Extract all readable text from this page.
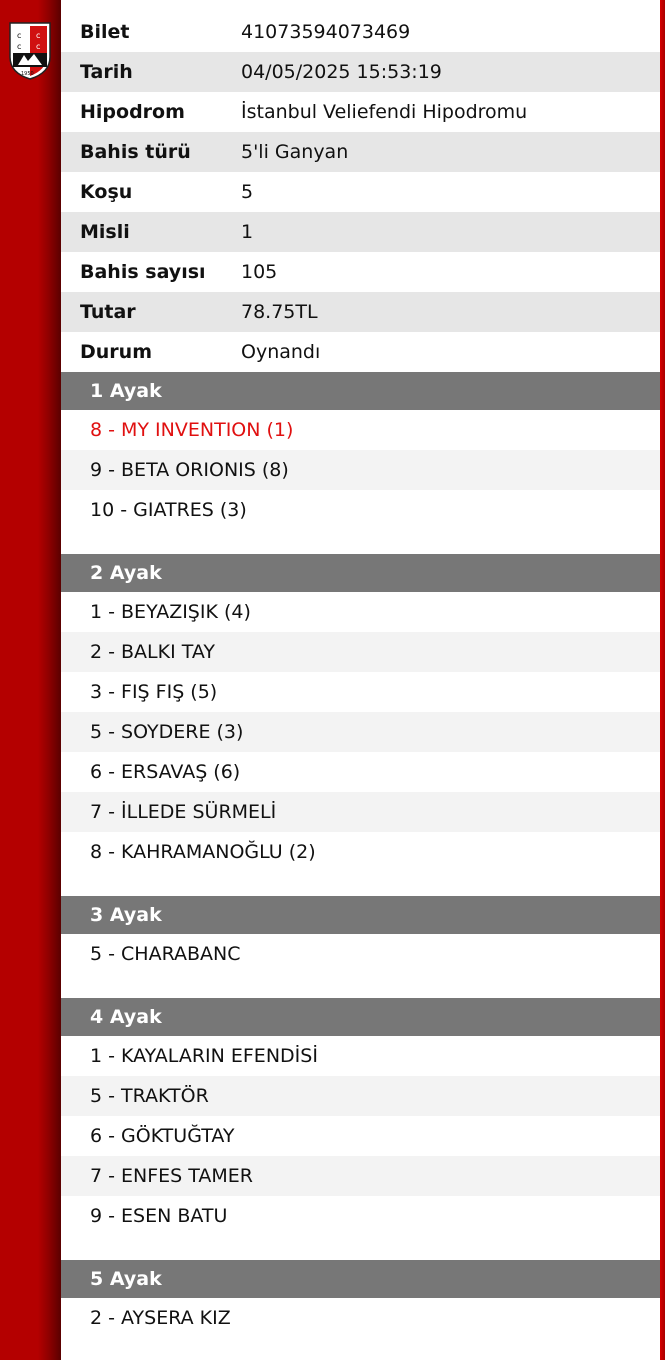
c
c
c
c
1950
Bilet	41073594073469
Tarih	04/05/2025 15:53:19
Hipodrom	İstanbul Veliefendi Hipodromu
Bahis türü	5'li Ganyan
Koşu	5
Misli	1
Bahis sayısı	105
Tutar	78.75TL
Durum	Oynandı
1 Ayak
8 - MY INVENTION (1)
9 - BETA ORIONIS (8)
10 - GIATRES (3)
2 Ayak
1 - BEYAZIŞIK (4)
2 - BALKI TAY
3 - FIŞ FIŞ (5)
5 - SOYDERE (3)
6 - ERSAVAŞ (6)
7 - İLLEDE SÜRMELİ
8 - KAHRAMANOĞLU (2)
3 Ayak
5 - CHARABANC
4 Ayak
1 - KAYALARIN EFENDİSİ
5 - TRAKTÖR
6 - GÖKTUĞTAY
7 - ENFES TAMER
9 - ESEN BATU
5 Ayak
2 - AYSERA KIZ
